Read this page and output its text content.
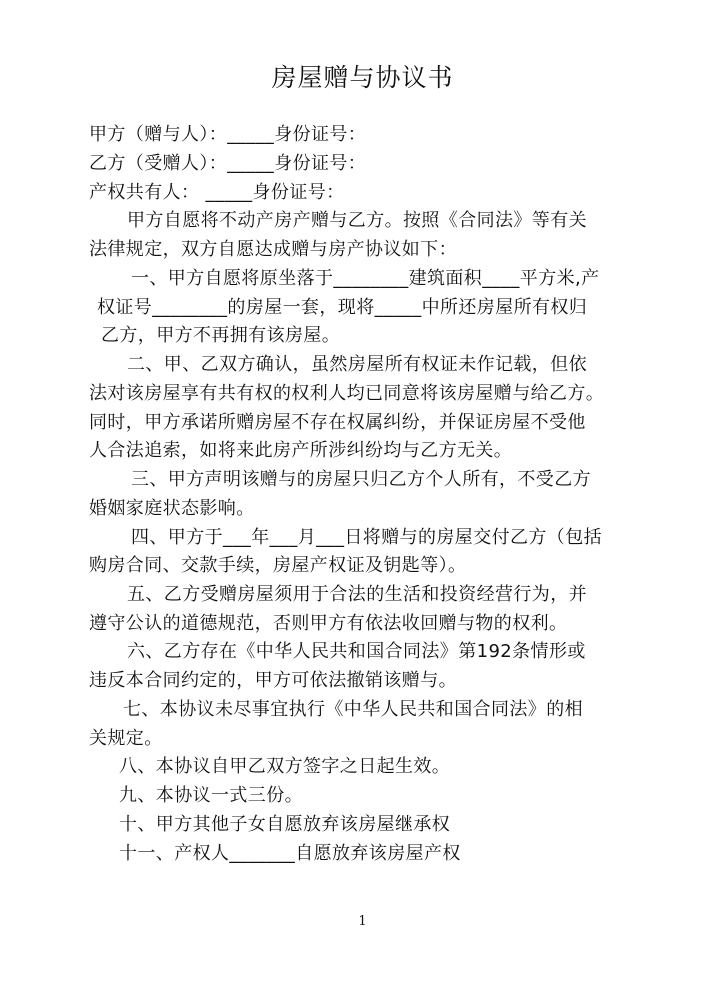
房屋赠与协议书
甲方（赠与人）：_____身份证号：
乙方（受赠人）：_____身份证号：
产权共有人： _____身份证号：
甲方自愿将不动产房产赠与乙方。按照《合同法》等有关
法律规定，双方自愿达成赠与房产协议如下：
一、甲方自愿将原坐落于________建筑面积____平方米,产
权证号________的房屋一套，现将_____中所还房屋所有权归
乙方，甲方不再拥有该房屋。
二、甲、乙双方确认，虽然房屋所有权证未作记载，但依
法对该房屋享有共有权的权利人均已同意将该房屋赠与给乙方。
同时，甲方承诺所赠房屋不存在权属纠纷，并保证房屋不受他
人合法追索，如将来此房产所涉纠纷均与乙方无关。
三、甲方声明该赠与的房屋只归乙方个人所有，不受乙方
婚姻家庭状态影响。
四、甲方于___年___月___日将赠与的房屋交付乙方（包括
购房合同、交款手续，房屋产权证及钥匙等）。
五、乙方受赠房屋须用于合法的生活和投资经营行为，并
遵守公认的道德规范，否则甲方有依法收回赠与物的权利。
六、乙方存在《中华人民共和国合同法》第192条情形或
违反本合同约定的，甲方可依法撤销该赠与。
七、本协议未尽事宜执行《中华人民共和国合同法》的相
关规定。
八、本协议自甲乙双方签字之日起生效。
九、本协议一式三份。
十、甲方其他子女自愿放弃该房屋继承权
十一、产权人_______自愿放弃该房屋产权
1
